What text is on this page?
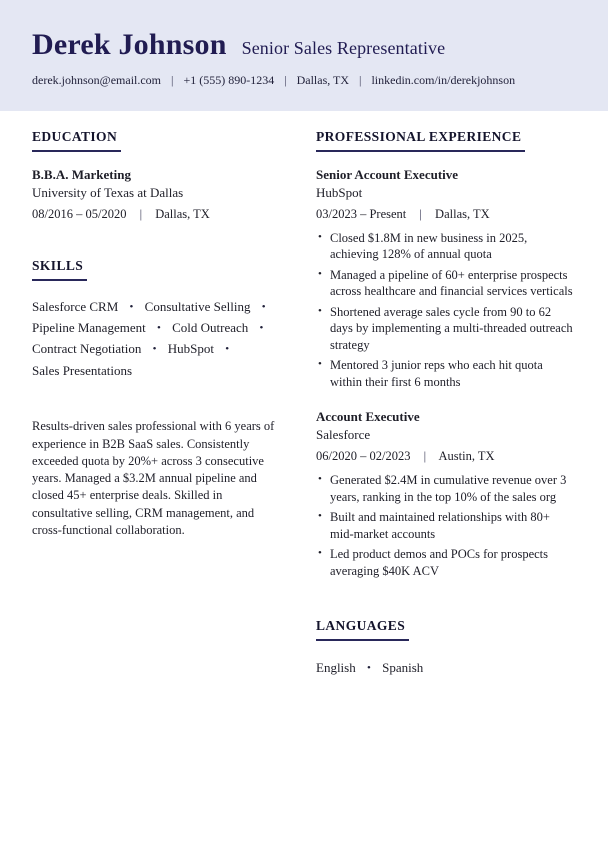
Derek Johnson Senior Sales Representative
derek.johnson@email.com | +1 (555) 890-1234 | Dallas, TX | linkedin.com/in/derekjohnson
EDUCATION
B.B.A. Marketing
University of Texas at Dallas
08/2016 – 05/2020 | Dallas, TX
SKILLS
Salesforce CRM • Consultative Selling • Pipeline Management • Cold Outreach • Contract Negotiation • HubSpot • Sales Presentations

Results-driven sales professional with 6 years of experience in B2B SaaS sales. Consistently exceeded quota by 20%+ across 3 consecutive years. Managed a $3.2M annual pipeline and closed 45+ enterprise deals. Skilled in consultative selling, CRM management, and cross-functional collaboration.

PROFESSIONAL EXPERIENCE
Senior Account Executive
HubSpot
03/2023 – Present | Dallas, TX
• Closed $1.8M in new business in 2025, achieving 128% of annual quota
• Managed a pipeline of 60+ enterprise prospects across healthcare and financial services verticals
• Shortened average sales cycle from 90 to 62 days by implementing a multi-threaded outreach strategy
• Mentored 3 junior reps who each hit quota within their first 6 months
Account Executive
Salesforce
06/2020 – 02/2023 | Austin, TX
• Generated $2.4M in cumulative revenue over 3 years, ranking in the top 10% of the sales org
• Built and maintained relationships with 80+ mid-market accounts
• Led product demos and POCs for prospects averaging $40K ACV
LANGUAGES
English • Spanish
